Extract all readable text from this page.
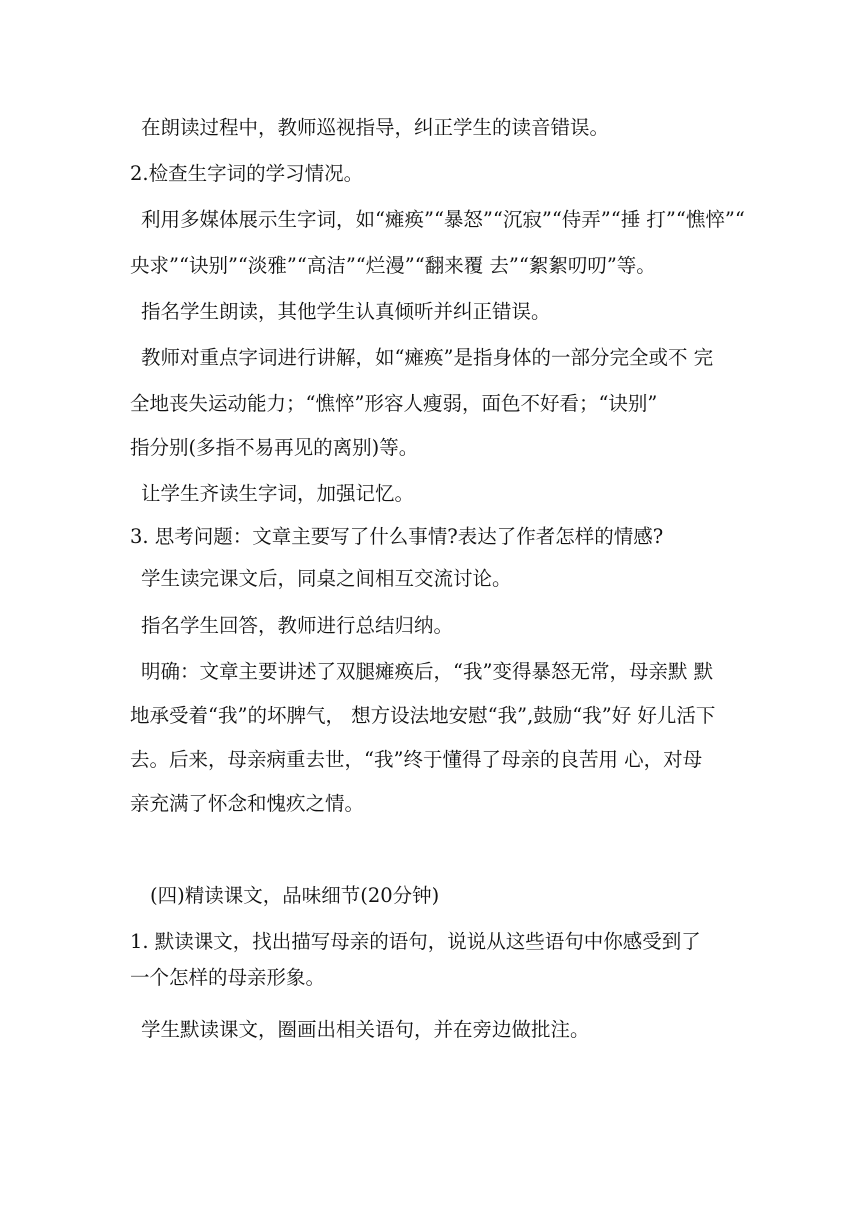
在朗读过程中，教师巡视指导，纠正学生的读音错误。
2.检查生字词的学习情况。
利用多媒体展示生字词，如“瘫痪”“暴怒”“沉寂”“侍弄”“捶 打”“憔悴”“
央求”“诀别”“淡雅”“高洁”“烂漫”“翻来覆 去”“絮絮叨叨”等。
指名学生朗读，其他学生认真倾听并纠正错误。
教师对重点字词进行讲解，如“瘫痪”是指身体的一部分完全或不 完
全地丧失运动能力；“憔悴”形容人瘦弱，面色不好看；“诀别”
指分别(多指不易再见的离别)等。
让学生齐读生字词，加强记忆。
3. 思考问题：文章主要写了什么事情?表达了作者怎样的情感?
学生读完课文后，同桌之间相互交流讨论。
指名学生回答，教师进行总结归纳。
明确：文章主要讲述了双腿瘫痪后，“我”变得暴怒无常，母亲默 默
地承受着“我”的坏脾气， 想方设法地安慰“我”,鼓励“我”好 好儿活下
去。后来，母亲病重去世，“我”终于懂得了母亲的良苦用 心，对母
亲充满了怀念和愧疚之情。
(四)精读课文，品味细节(20分钟)
1. 默读课文，找出描写母亲的语句，说说从这些语句中你感受到了
一个怎样的母亲形象。
学生默读课文，圈画出相关语句，并在旁边做批注。
